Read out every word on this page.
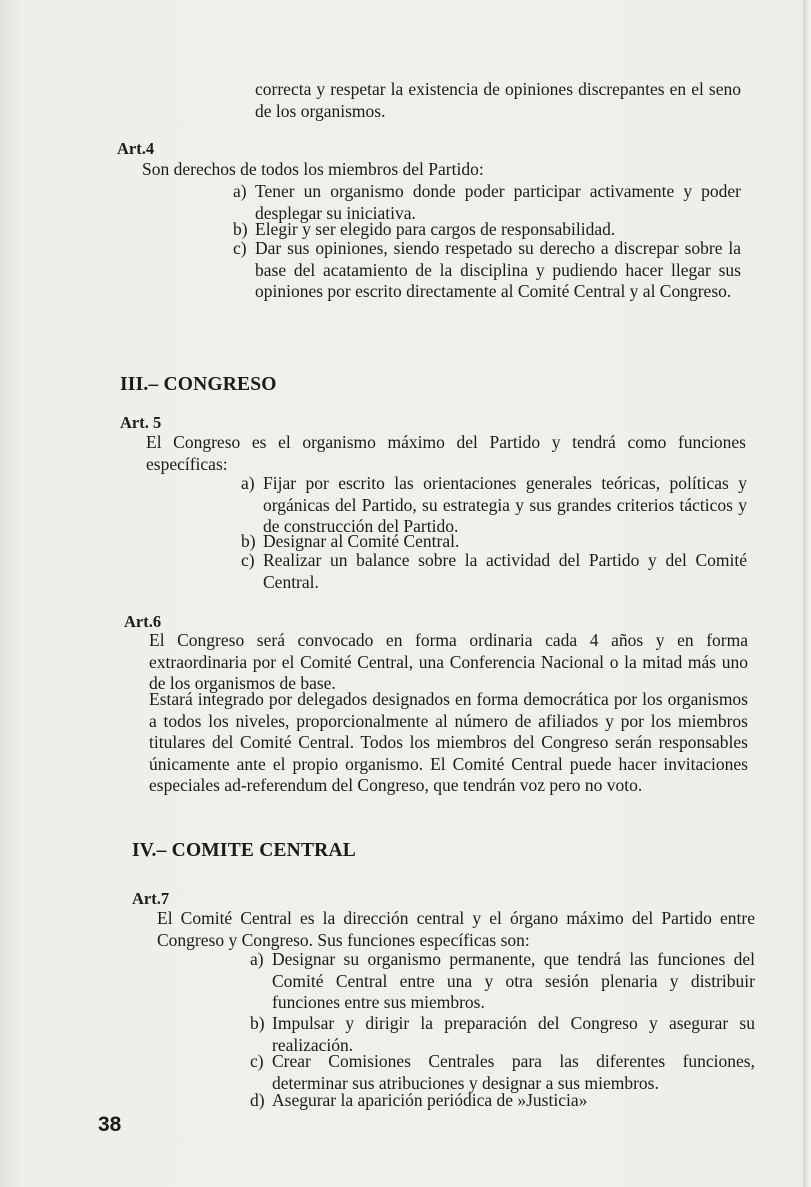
correcta y respetar la existencia de opiniones discrepantes en el seno de los organismos.

Art.4

Son derechos de todos los miembros del Partido:

a) Tener un organismo donde poder participar activamente y poder desplegar su iniciativa.
b) Elegir y ser elegido para cargos de responsabilidad.
c) Dar sus opiniones, siendo respetado su derecho a discrepar sobre la base del acatamiento de la disciplina y pudiendo hacer llegar sus opiniones por escrito directamente al Comité Central y al Congreso.
III.– CONGRESO
Art. 5

El Congreso es el organismo máximo del Partido y tendrá como funciones específicas:

a) Fijar por escrito las orientaciones generales teóricas, políticas y orgánicas del Partido, su estrategia y sus grandes criterios tácticos y de construcción del Partido.
b) Designar al Comité Central.
c) Realizar un balance sobre la actividad del Partido y del Comité Central.
Art.6

El Congreso será convocado en forma ordinaria cada 4 años y en forma extraordinaria por el Comité Central, una Conferencia Nacional o la mitad más uno de los organismos de base.

Estará integrado por delegados designados en forma democrática por los organismos a todos los niveles, proporcionalmente al número de afiliados y por los miembros titulares del Comité Central. Todos los miembros del Congreso serán responsables únicamente ante el propio organismo. El Comité Central puede hacer invitaciones especiales ad-referendum del Congreso, que tendrán voz pero no voto.

IV.– COMITE CENTRAL
Art.7

El Comité Central es la dirección central y el órgano máximo del Partido entre Congreso y Congreso. Sus funciones específicas son:

a) Designar su organismo permanente, que tendrá las funciones del Comité Central entre una y otra sesión plenaria y distribuir funciones entre sus miembros.
b) Impulsar y dirigir la preparación del Congreso y asegurar su realización.
c) Crear Comisiones Centrales para las diferentes funciones, determinar sus atribuciones y designar a sus miembros.
d) Asegurar la aparición periódica de »Justicia»
38
